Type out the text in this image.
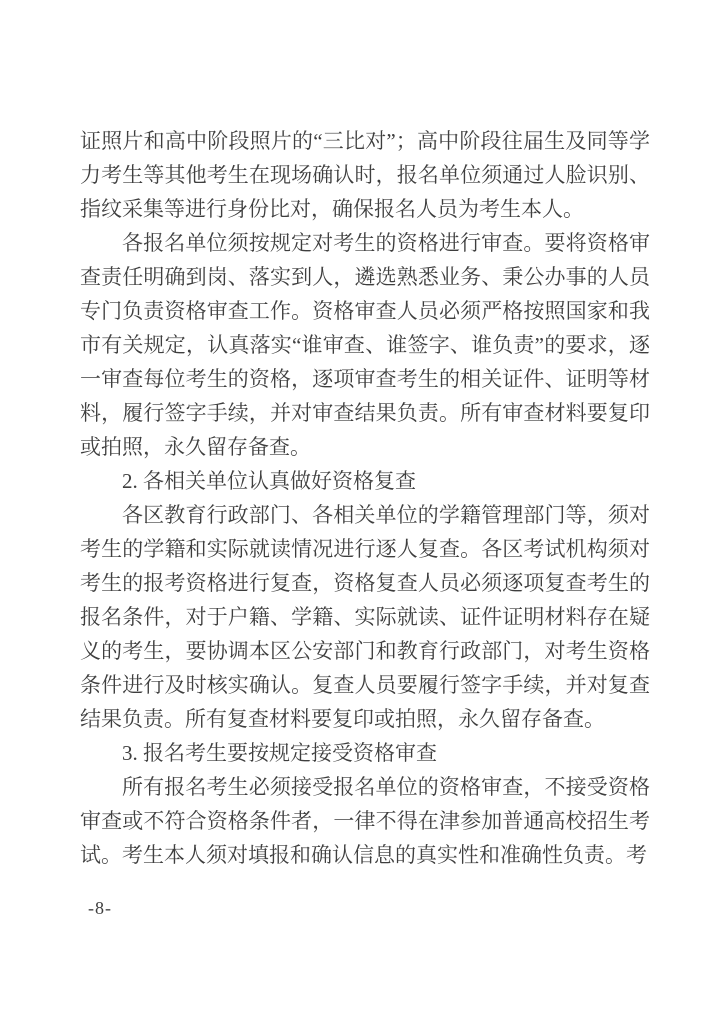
证照片和高中阶段照片的“三比对”；高中阶段往届生及同等学力考生等其他考生在现场确认时，报名单位须通过人脸识别、指纹采集等进行身份比对，确保报名人员为考生本人。

各报名单位须按规定对考生的资格进行审查。要将资格审查责任明确到岗、落实到人，遴选熟悉业务、秉公办事的人员专门负责资格审查工作。资格审查人员必须严格按照国家和我市有关规定，认真落实“谁审查、谁签字、谁负责”的要求，逐一审查每位考生的资格，逐项审查考生的相关证件、证明等材料，履行签字手续，并对审查结果负责。所有审查材料要复印或拍照，永久留存备查。

2. 各相关单位认真做好资格复查

各区教育行政部门、各相关单位的学籍管理部门等，须对考生的学籍和实际就读情况进行逐人复查。各区考试机构须对考生的报考资格进行复查，资格复查人员必须逐项复查考生的报名条件，对于户籍、学籍、实际就读、证件证明材料存在疑义的考生，要协调本区公安部门和教育行政部门，对考生资格条件进行及时核实确认。复查人员要履行签字手续，并对复查结果负责。所有复查材料要复印或拍照，永久留存备查。

3. 报名考生要按规定接受资格审查

所有报名考生必须接受报名单位的资格审查，不接受资格审查或不符合资格条件者，一律不得在津参加普通高校招生考试。考生本人须对填报和确认信息的真实性和准确性负责。考

-8-
